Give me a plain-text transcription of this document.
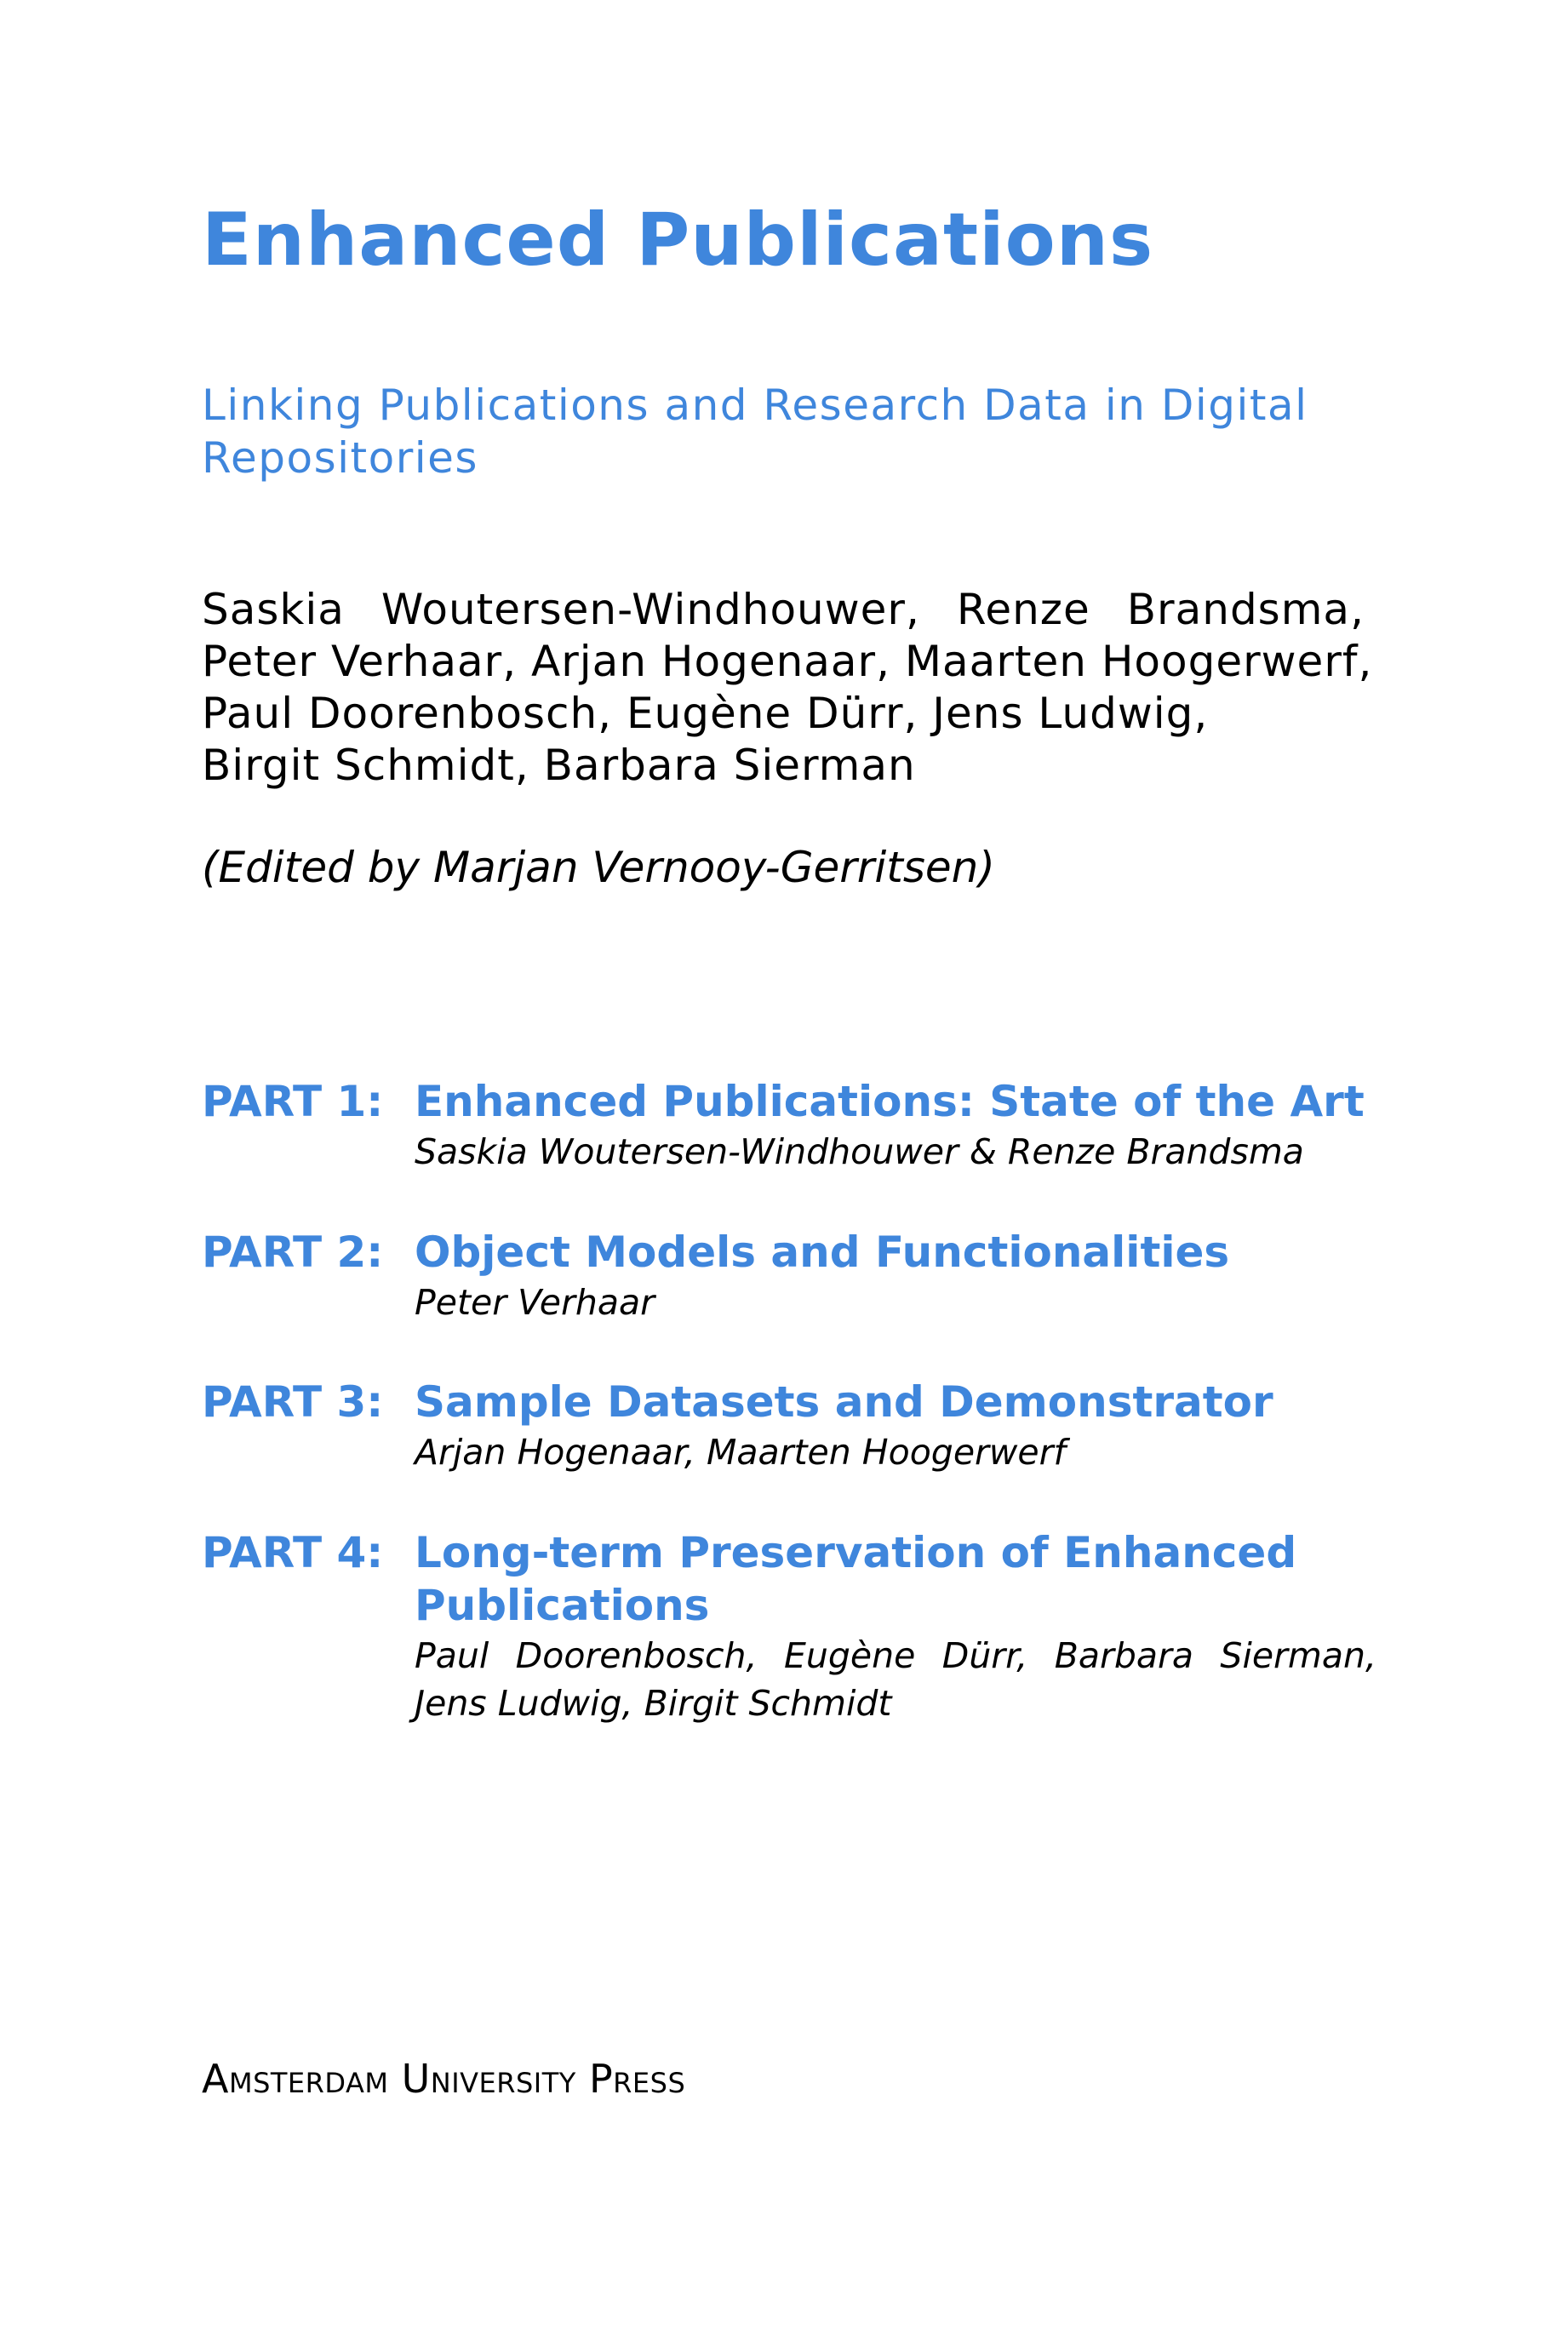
Enhanced Publications
Linking Publications and Research Data in Digital Repositories
Saskia Woutersen-Windhouwer, Renze Brandsma,
Peter Verhaar, Arjan Hogenaar, Maarten Hoogerwerf,
Paul Doorenbosch, Eugène Dürr, Jens Ludwig,
Birgit Schmidt, Barbara Sierman
(Edited by Marjan Vernooy-Gerritsen)
PART 1: Enhanced Publications: State of the Art
Saskia Woutersen-Windhouwer & Renze Brandsma
PART 2: Object Models and Functionalities
Peter Verhaar
PART 3: Sample Datasets and Demonstrator
Arjan Hogenaar, Maarten Hoogerwerf
PART 4: Long-term Preservation of Enhanced Publications
Paul Doorenbosch, Eugène Dürr, Barbara Sierman, Jens Ludwig, Birgit Schmidt
Amsterdam University Press
